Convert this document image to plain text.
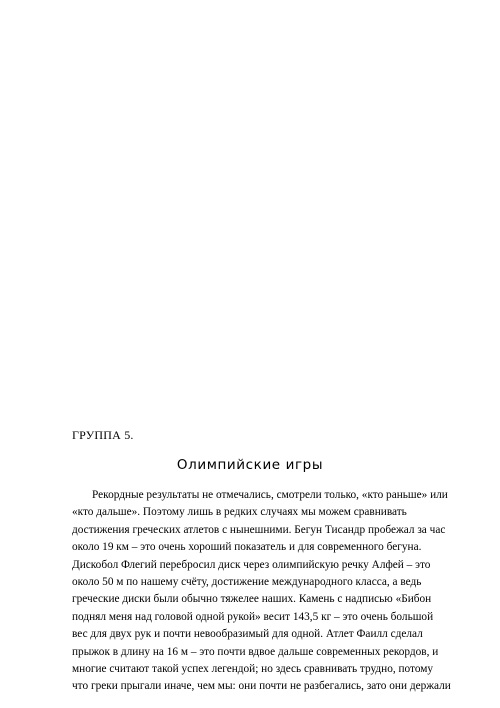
ГРУППА 5.
Олимпийские игры
Рекордные результаты не отмечались, смотрели только, «кто раньше» или
«кто дальше». Поэтому лишь в редких случаях мы можем сравнивать
достижения греческих атлетов с нынешними. Бегун Тисандр пробежал за час
около 19 км – это очень хороший показатель и для современного бегуна.
Дискобол Флегий перебросил диск через олимпийскую речку Алфей – это
около 50 м по нашему счёту, достижение международного класса, а ведь
греческие диски были обычно тяжелее наших. Камень с надписью «Бибон
поднял меня над головой одной рукой» весит 143,5 кг – это очень большой
вес для двух рук и почти невообразимый для одной. Атлет Фаилл сделал
прыжок в длину на 16 м – это почти вдвое дальше современных рекордов, и
многие считают такой успех легендой; но здесь сравнивать трудно, потому
что греки прыгали иначе, чем мы: они почти не разбегались, зато они держали
